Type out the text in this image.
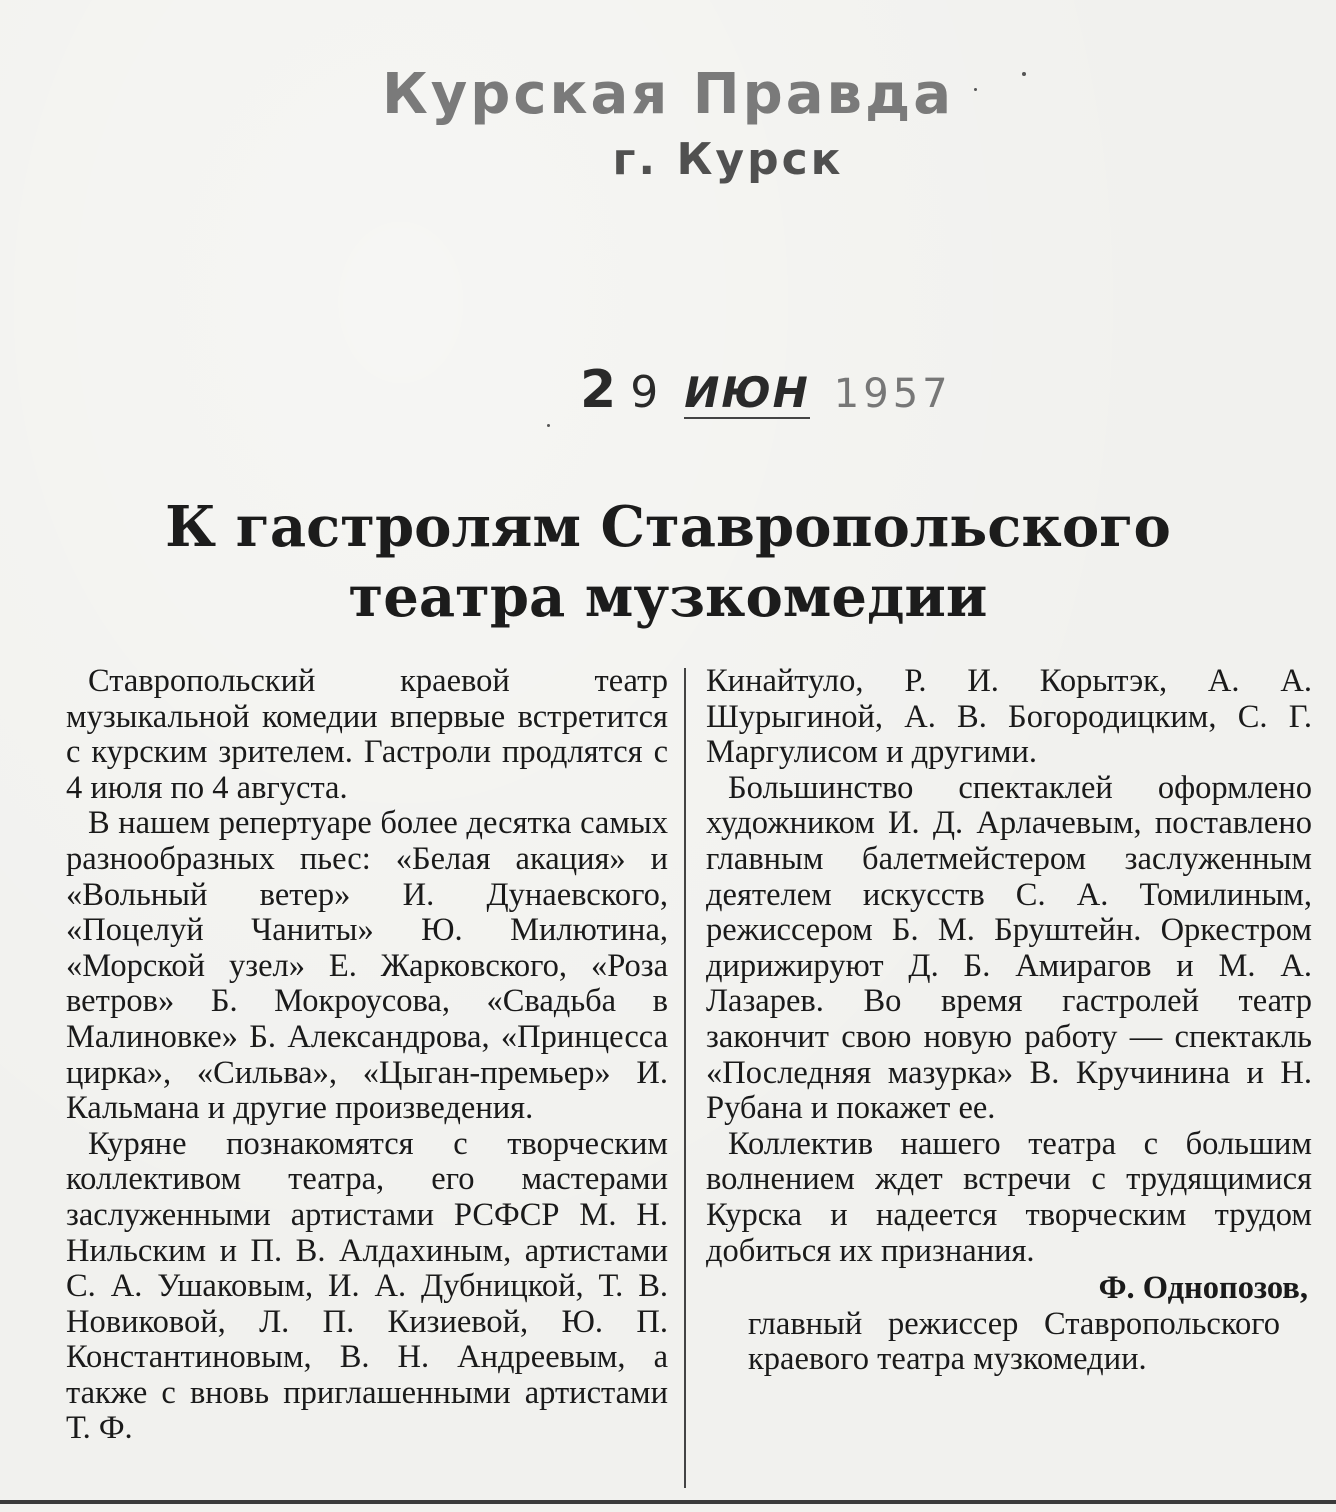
Курская Правда
г. Курск
2 9 ИЮН 1957
К гастролям Ставропольского
театра музкомедии

Ставропольский краевой театр музыкальной комедии впервые встретится с курским зрителем. Гастроли продлятся с 4 июля по 4 августа.

В нашем репертуаре более десятка самых разнообразных пьес: «Белая акация» и «Вольный ветер» И. Дунаевского, «Поцелуй Чаниты» Ю. Милютина, «Морской узел» Е. Жарковского, «Роза ветров» Б. Мокроусова, «Свадьба в Малиновке» Б. Александрова, «Принцесса цирка», «Сильва», «Цыган-премьер» И. Кальмана и другие произведения.

Куряне познакомятся с творческим коллективом театра, его мастерами заслуженными артистами РСФСР М. Н. Нильским и П. В. Алдахиным, артистами С. А. Ушаковым, И. А. Дубницкой, Т. В. Новиковой, Л. П. Кизиевой, Ю. П. Константиновым, В. Н. Андреевым, а также с вновь приглашенными артистами Т. Ф.

Кинайтуло, Р. И. Корытэк, А. А. Шурыгиной, А. В. Богородицким, С. Г. Маргулисом и другими.

Большинство спектаклей оформлено художником И. Д. Арлачевым, поставлено главным балетмейстером заслуженным деятелем искусств С. А. Томилиным, режиссером Б. М. Бруштейн. Оркестром дирижируют Д. Б. Амирагов и М. А. Лазарев. Во время гастролей театр закончит свою новую работу — спектакль «Последняя мазурка» В. Кручинина и Н. Рубана и покажет ее.

Коллектив нашего театра с большим волнением ждет встречи с трудящимися Курска и надеется творческим трудом добиться их признания.

Ф. Однопозов,
главный режиссер Ставропольского краевого театра музкомедии.
